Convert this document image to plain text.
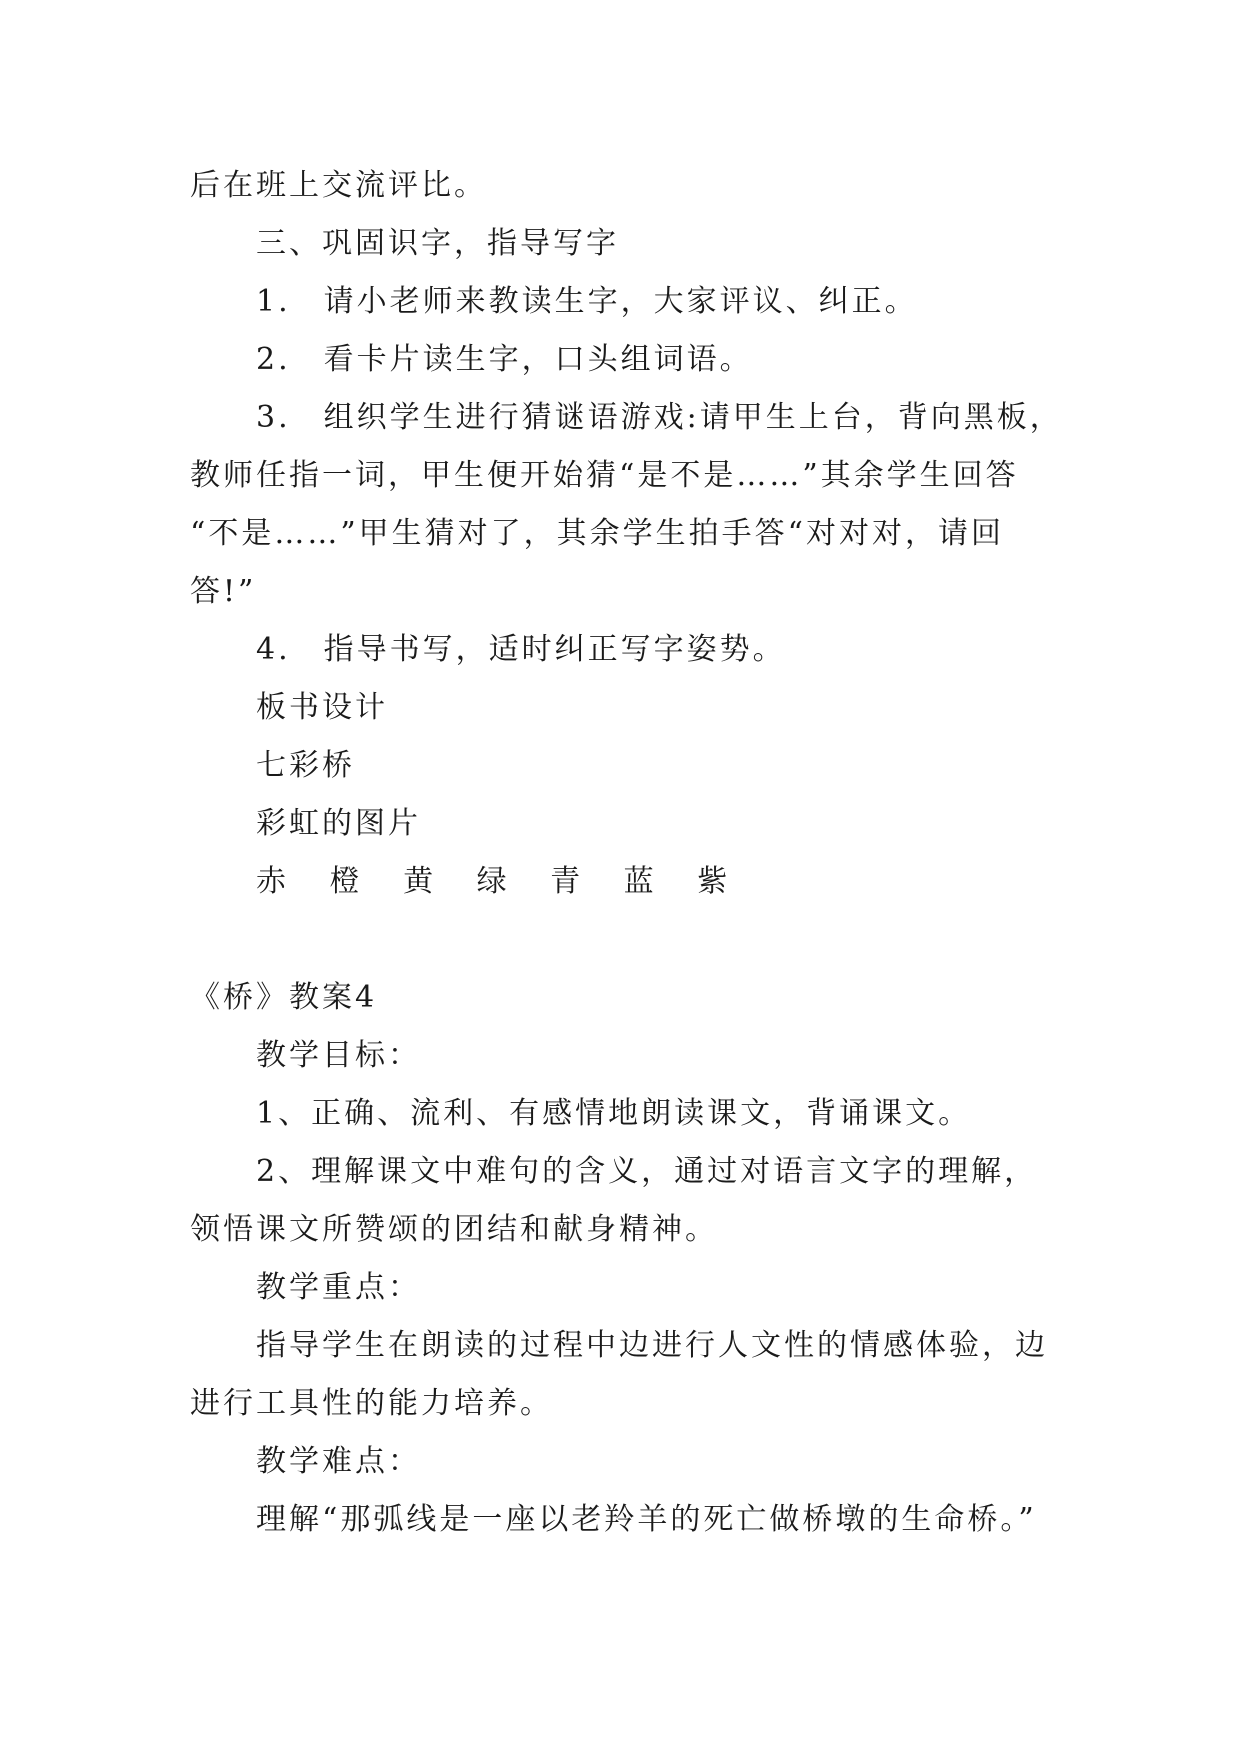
后在班上交流评比。
三、巩固识字，指导写字
1.　请小老师来教读生字，大家评议、纠正。
2.　看卡片读生字，口头组词语。
3.　组织学生进行猜谜语游戏:请甲生上台，背向黑板，
教师任指一词，甲生便开始猜“是不是……”其余学生回答
“不是……”甲生猜对了，其余学生拍手答“对对对，请回
答!”
4.　指导书写，适时纠正写字姿势。
板书设计
七彩桥
彩虹的图片
赤 橙 黄 绿 青 蓝 紫
《桥》教案4
教学目标：
1、正确、流利、有感情地朗读课文，背诵课文。
2、理解课文中难句的含义，通过对语言文字的理解，
领悟课文所赞颂的团结和献身精神。
教学重点：
指导学生在朗读的过程中边进行人文性的情感体验，边
进行工具性的能力培养。
教学难点：
理解“那弧线是一座以老羚羊的死亡做桥墩的生命桥。”
